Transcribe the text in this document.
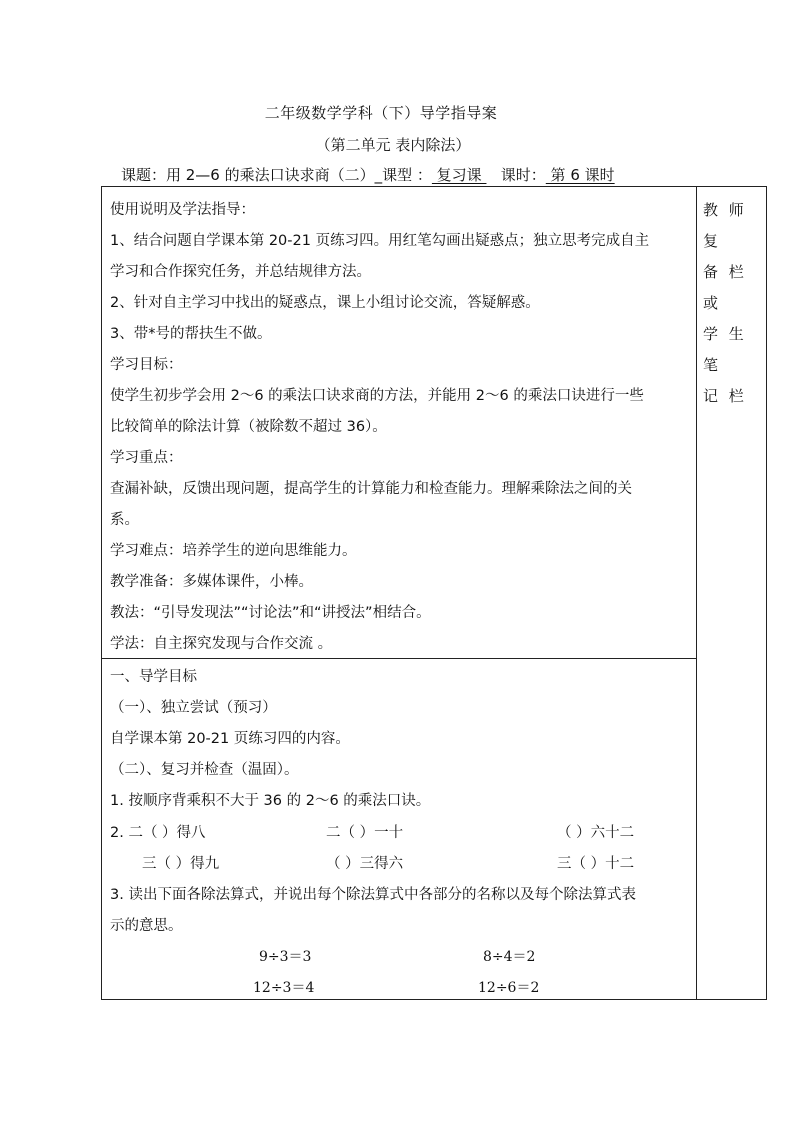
二年级数学学科（下）导学指导案
（第二单元 表内除法）
课题：用 2—6 的乘法口诀求商（二）_课型 ： 复习课    课时： 第 6 课时
教 师 复
备 栏 或
学 生 笔
记 栏
使用说明及学法指导：
1、结合问题自学课本第 20-21 页练习四。用红笔勾画出疑惑点；独立思考完成自主
学习和合作探究任务，并总结规律方法。
2、针对自主学习中找出的疑惑点，课上小组讨论交流，答疑解惑。
3、带*号的帮扶生不做。
学习目标：
使学生初步学会用 2～6 的乘法口诀求商的方法，并能用 2～6 的乘法口诀进行一些
比较简单的除法计算（被除数不超过 36）。
学习重点：
查漏补缺，反馈出现问题，提高学生的计算能力和检查能力。理解乘除法之间的关
系。
学习难点：培养学生的逆向思维能力。
教学准备：多媒体课件，小棒。
教法：“引导发现法”“讨论法”和“讲授法”相结合。
学法：自主探究发现与合作交流 。
一、导学目标
（一）、独立尝试（预习）
自学课本第 20-21 页练习四的内容。
（二）、复习并检查（温固）。
1. 按顺序背乘积不大于 36 的 2～6 的乘法口诀。
2. 二（ ）得八	二（ ）一十	（ ）六十二
三（ ）得九	（ ）三得六	三（ ）十二
3. 读出下面各除法算式，并说出每个除法算式中各部分的名称以及每个除法算式表
示的意思。
9÷3＝3	8÷4＝2
12÷3＝4	12÷6＝2
